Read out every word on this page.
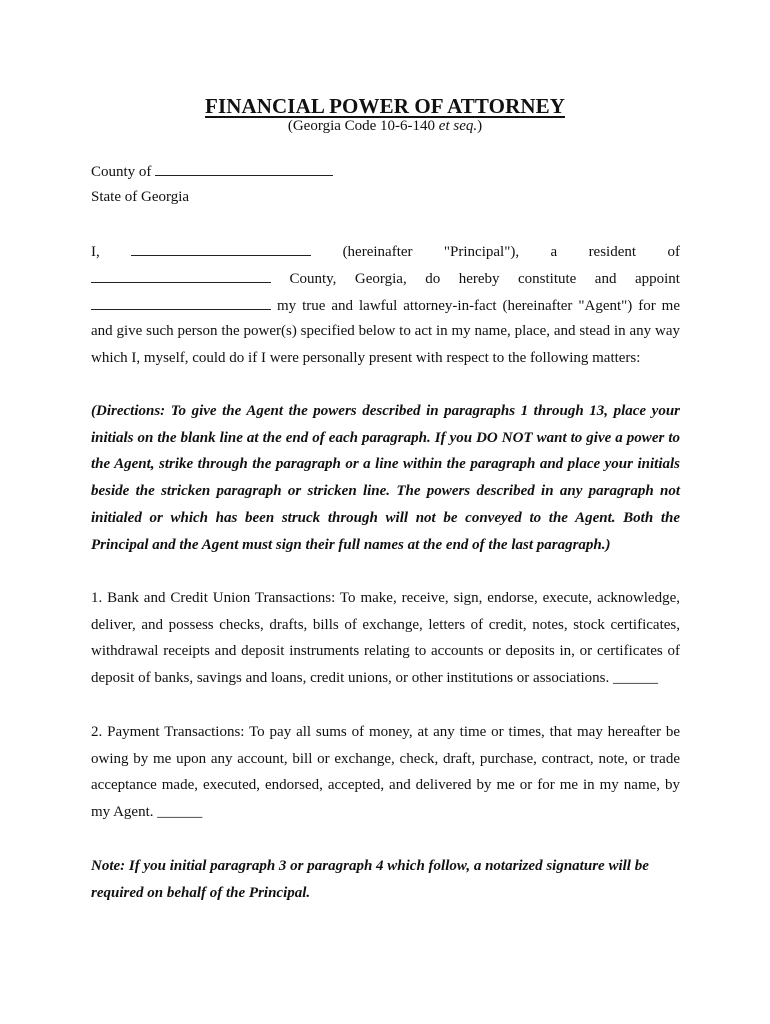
FINANCIAL POWER OF ATTORNEY
(Georgia Code 10-6-140 et seq.)
County of
State of Georgia
I,	(hereinafter "Principal"), a resident of
County, Georgia, do hereby constitute and appoint
my true and lawful attorney-in-fact (hereinafter "Agent") for me
and give such person the power(s) specified below to act in my name, place, and stead in any way which I, myself, could do if I were personally present with respect to the following matters:
(Directions: To give the Agent the powers described in paragraphs 1 through 13, place your initials on the blank line at the end of each paragraph. If you DO NOT want to give a power to the Agent, strike through the paragraph or a line within the paragraph and place your initials beside the stricken paragraph or stricken line. The powers described in any paragraph not initialed or which has been struck through will not be conveyed to the Agent. Both the Principal and the Agent must sign their full names at the end of the last paragraph.)
1. Bank and Credit Union Transactions: To make, receive, sign, endorse, execute, acknowledge, deliver, and possess checks, drafts, bills of exchange, letters of credit, notes, stock certificates, withdrawal receipts and deposit instruments relating to accounts or deposits in, or certificates of deposit of banks, savings and loans, credit unions, or other institutions or associations. ______
2. Payment Transactions: To pay all sums of money, at any time or times, that may hereafter be owing by me upon any account, bill or exchange, check, draft, purchase, contract, note, or trade acceptance made, executed, endorsed, accepted, and delivered by me or for me in my name, by my Agent. ______
Note: If you initial paragraph 3 or paragraph 4 which follow, a notarized signature will be required on behalf of the Principal.
